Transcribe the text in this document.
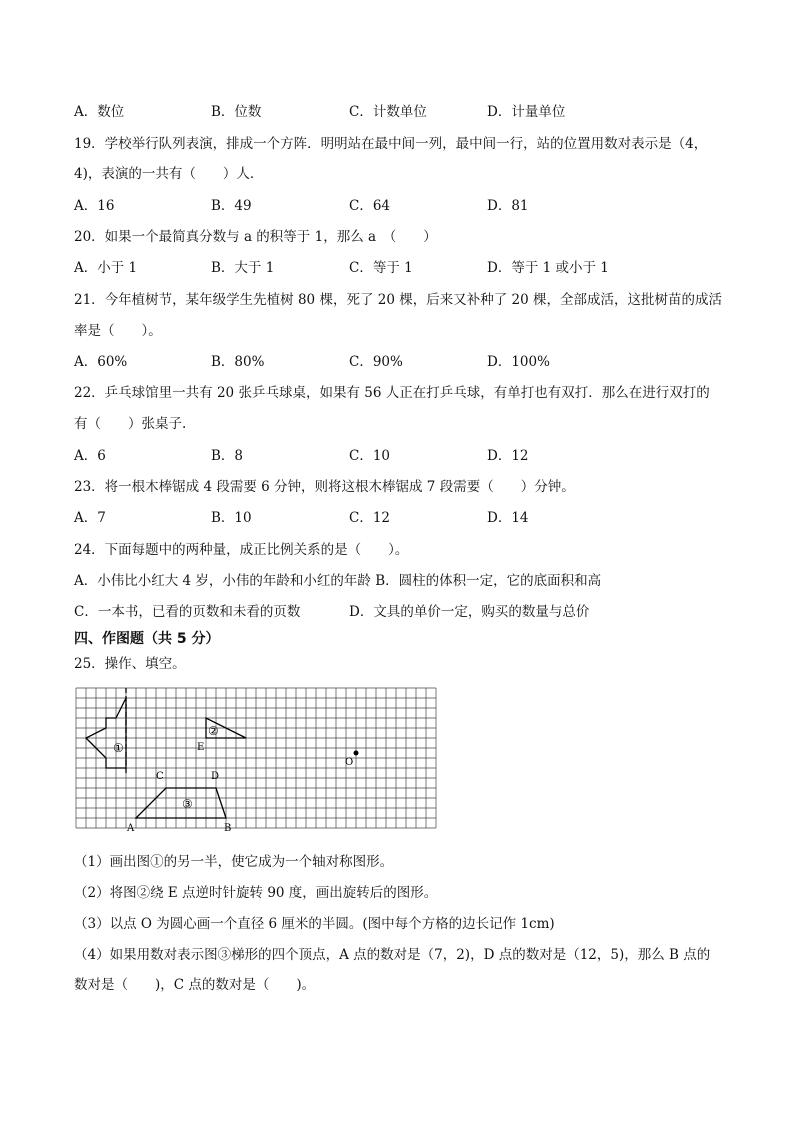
A．数位	B．位数	C．计数单位	D．计量单位
19．学校举行队列表演，排成一个方阵．明明站在最中间一列，最中间一行，站的位置用数对表示是（4，
4)，表演的一共有（　　）人．
A．16	B．49	C．64	D．81
20．如果一个最简真分数与 a 的积等于 1，那么 a　（　　）
A．小于 1	B．大于 1	C．等于 1	D．等于 1 或小于 1
21．今年植树节，某年级学生先植树 80 棵，死了 20 棵，后来又补种了 20 棵，全部成活，这批树苗的成活
率是（　　）。
A．60%	B．80%	C．90%	D．100%
22．乒乓球馆里一共有 20 张乒乓球桌，如果有 56 人正在打乒乓球，有单打也有双打．那么在进行双打的
有（　　）张桌子.
A．6	B．8	C．10	D．12
23．将一根木棒锯成 4 段需要 6 分钟，则将这根木棒锯成 7 段需要（　　）分钟。
A．7	B．10	C．12	D．14
24．下面每题中的两种量，成正比例关系的是（　　）。
A．小伟比小红大 4 岁，小伟的年龄和小红的年龄 B．圆柱的体积一定，它的底面积和高
C．一本书，已看的页数和未看的页数	D．文具的单价一定，购买的数量与总价
四、作图题（共 5 分）
25．操作、填空。
①
②
③
E
O
A	B
C	D
（1）画出图①的另一半，使它成为一个轴对称图形。
（2）将图②绕 E 点逆时针旋转 90 度，画出旋转后的图形。
（3）以点 O 为圆心画一个直径 6 厘米的半圆。(图中每个方格的边长记作 1cm)
（4）如果用数对表示图③梯形的四个顶点，A 点的数对是（7，2)，D 点的数对是（12，5)，那么 B 点的
数对是（　　)，C 点的数对是（　　)。
